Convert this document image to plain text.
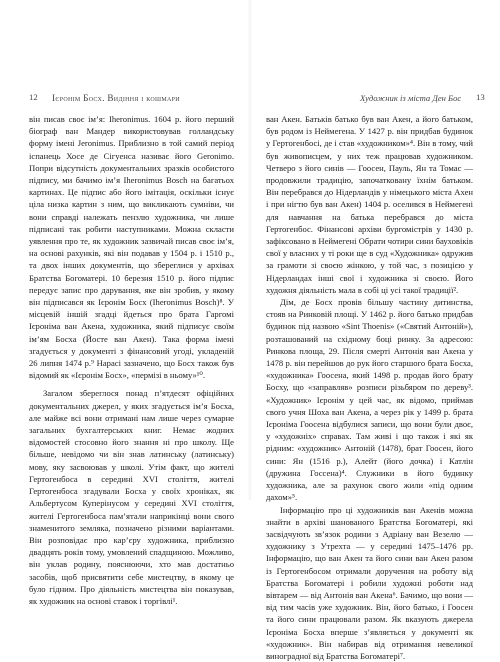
12 Ієронім Босх. Видіння і кошмари

він писав своє ім’я: Iheronimus. 1604 р. його перший біограф ван Мандер використовував голландську форму імені Jeronimus. Приблизно в той самий період іспанець Хосе де Сігуенса називає його Geronimo. Попри відсутність документальних зразків особистого підпису, ми бачимо ім’я Iheronimus Bosch на багатьох картинах. Це підпис або його імітація, оскільки існує ціла низка картин з ним, що викликають сумніви, чи вони справді належать пензлю художника, чи лише підписані так робити наступниками. Можна скласти уявлення про те, як художник зазвичай писав своє ім’я, на основі рахунків, які він подавав у 1504 р. і 1510 р., та двох інших документів, що збереглися у архівах Братства Богоматері. 10 березня 1510 р. його підпис передує запис про дарування, яке він зробив, у якому він підписався як Ієронім Босх (Iheronimus Bosch)⁸. У місцевій іншій згадці йдеться про брата Гаргомі Ієроніма ван Акена, художника, який підписує своїм ім’ям Босха (Йосте ван Акен). Така форма імені згадується у документі з фінансовий угоді, укладеній 26 липня 1474 р.⁹ Нарасі зазначено, що Босх також був відомий як «Ієронім Босх», «пермізі в ньому»¹⁰.

Загалом збереглося понад п’ятдесят офіційних документальних джерел, у яких згадується ім’я Босха, але майже всі вони отримані нам лише через сумарне загальних бухгалтерських книг. Немає жодних відомостей стосовно його знання ні про школу. Ще більше, невідомо чи він знав латинську (латинську) мову, яку засвоював у школі. Утім факт, що жителі Гертогенбоса в середині XVI століття, жителі Гертогенбоса згадували Босха у своїх хроніках, як Альбертусом Куперінусом у середині XVI століття, жителі Гертогенбоса пам’ятали наприкінці вони свого знаменитого земляка, позначено різними варіантами. Він розповідає про кар’єру художника, приблизно двадцять років тому, умовлений спадщиною. Можливо, він уклав родину, пояснюючи, хто мав достатньо засобів, щоб присвятити себе мистецтву, в якому це було гідним. Про діяльність мистецтва він показував, як художник на основі ставок і торгівлі¹.

Художник із міста Ден Бос 13

ван Акен. Батьків батько був ван Акен, а його батьком, був родом із Неймегена. У 1427 р. він придбав будинок у Гертогенбосі, де і став «художником»⁴. Він в тому, чий був живописцем, у них теж працював художником. Четверо з його синів — Гоосен, Пауль, Ян та Томас — продовжили традицію, започатковану їхнім батьком. Він перебрався до Нідерландів у німецького міста Ахен і при нігтю був ван Акен) 1404 р. оселився в Неймегені для навчання на батька перебрався до міста Гертогенбос. Фінансові архіви бургомістрів у 1430 р. зафіксовано в Неймегені Обрати чотири сини бауховіків свої у власних у ті роки ще в суд «Художника» одружив за грамоти зі своєю жінкою, у той час, з позицією у Нідерландах інші свої і художника зі своєю. Його художня діяльність мала в собі ці усі такої традиції².

Дім, де Босх провів більшу частину дитинства, стояв на Ринковій площі. У 1462 р. його батько придбав будинок під назвою «Sint Thoenis» («Святий Антоній»), розташований на східному боці ринку. За адресою: Ринкова площа, 29. Після смерті Антонія ван Акена у 1478 р. він перейшов до рук його старшого брата Босха, «художника» Гоосена, який 1498 р. продав його брату Босху, що «заправляв» розписи різьбяром по дереву³. «Художник» Ієронім у цей час, як відомо, приймав свого учня Шоха ван Акена, а через рік у 1499 р. брата Ієроніма Гоосена відбулися записи, що вони були двоє, у «художніх» справах. Там живі і що також і які як рідним: «художник» Антоній (1478), брат Гоосен, його сини: Ян (1516 р.), Алейт (його дочка) і Катлін (дружина Госсена)⁴. Служники в його будинку художника, але за рахунок свого жили «під одним дахом»⁵.

Інформацію про ці художників ван Акенів можна знайти в архіві шанованого Братства Богоматері, які засвідчують зв’язок родини з Адріану ван Везелю — художнику з Утрехта — у середині 1475–1476 рр. Інформацію, що ван Акен та його сини ван Акен разом із Гертогенбосом отримали доручення на роботу від Братства Богоматері і робили художні роботи над вівтарем — від Антонія ван Акена⁶. Бачимо, що вони — від тим часів уже художник. Він, його батько, і Гоосен та його сини працювали разом. Як вказують джерела Ієроніма Босха вперше з’являється у документі як «художник». Він набирав від отримання невеликої виноградної від Братства Богоматері⁷.
